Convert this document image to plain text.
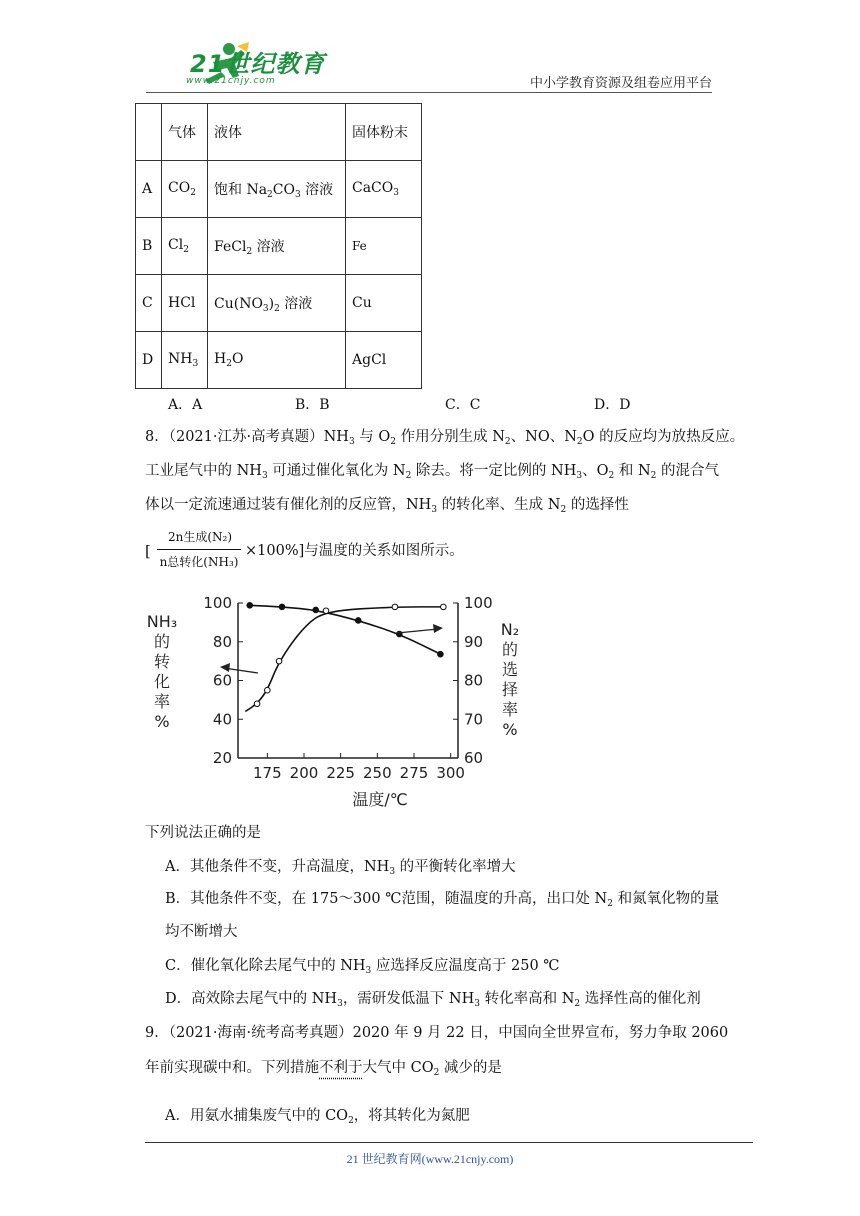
21世纪教育
www.21cnjy.com	中小学教育资源及组卷应用平台
	气体	液体	固体粉末
A	$CO_2$	饱和 $Na_2CO_3$ 溶液	CaCO$_3$
B	$Cl_2$	FeCl$_2$ 溶液	Fe
C	HCl	$Cu(NO_3)_2$ 溶液	Cu
D	$NH_3$	$H_2O$	AgCl
A．A	B．B	C．C	D．D
8．（2021·江苏·高考真题）$NH_3$ 与 $O_2$ 作用分别生成 $N_2$、NO、$N_2O$ 的反应均为放热反应。
工业尾气中的 $NH_3$ 可通过催化氧化为 $N_2$ 除去。将一定比例的 $NH_3$、$O_2$ 和 $N_2$ 的混合气
体以一定流速通过装有催化剂的反应管，$NH_3$ 的转化率、生成 $N_2$ 的选择性
[
2n生成(N₂)
n总转化(NH₃)
×100%]与温度的关系如图所示。
20
40
60
80
100
60
70
80
90
100
175 200 225 250 275 300
NH₃ 的转化率%
N₂ 的选择率%
温度/℃
下列说法正确的是
A．其他条件不变，升高温度，$NH_3$ 的平衡转化率增大
B．其他条件不变，在 175～300 ℃范围，随温度的升高，出口处 $N_2$ 和氮氧化物的量
均不断增大
C．催化氧化除去尾气中的 $NH_3$ 应选择反应温度高于 250 ℃
D．高效除去尾气中的 $NH_3$，需研发低温下 $NH_3$ 转化率高和 $N_2$ 选择性高的催化剂
9．（2021·海南·统考高考真题）2020 年 9 月 22 日，中国向全世界宣布，努力争取 2060
年前实现碳中和。下列措施不利于大气中 $CO_2$ 减少的是
A．用氨水捕集废气中的 $CO_2$，将其转化为氮肥
21 世纪教育网(www.21cnjy.com)
